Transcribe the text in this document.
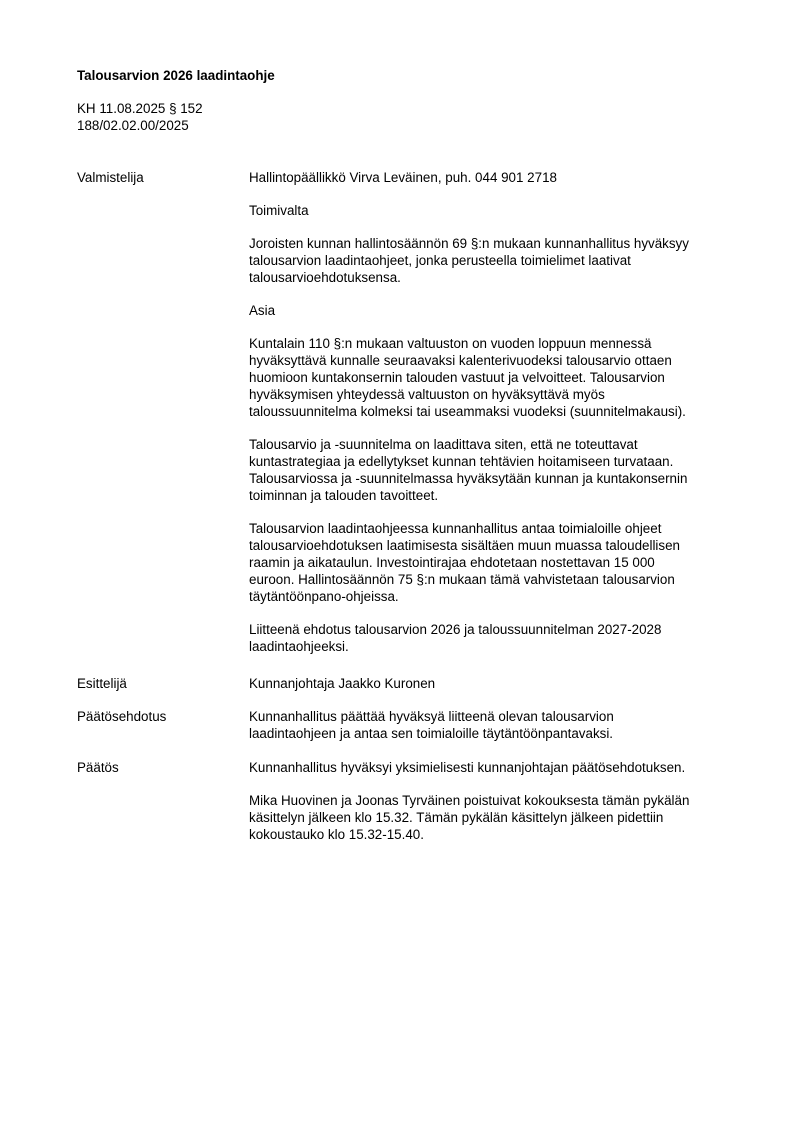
Talousarvion 2026 laadintaohje
KH 11.08.2025 § 152
188/02.02.00/2025
Valmistelija	Hallintopäällikkö Virva Leväinen, puh. 044 901 2718

Toimivalta

Joroisten kunnan hallintosäännön 69 §:n mukaan kunnanhallitus hyväksyy
talousarvion laadintaohjeet, jonka perusteella toimielimet laativat
talousarvioehdotuksensa.

Asia

Kuntalain 110 §:n mukaan valtuuston on vuoden loppuun mennessä
hyväksyttävä kunnalle seuraavaksi kalenterivuodeksi talousarvio ottaen
huomioon kuntakonsernin talouden vastuut ja velvoitteet. Talousarvion
hyväksymisen yhteydessä valtuuston on hyväksyttävä myös
taloussuunnitelma kolmeksi tai useammaksi vuodeksi (suunnitelmakausi).

Talousarvio ja -suunnitelma on laadittava siten, että ne toteuttavat
kuntastrategiaa ja edellytykset kunnan tehtävien hoitamiseen turvataan.
Talousarviossa ja -suunnitelmassa hyväksytään kunnan ja kuntakonsernin
toiminnan ja talouden tavoitteet.

Talousarvion laadintaohjeessa kunnanhallitus antaa toimialoille ohjeet
talousarvioehdotuksen laatimisesta sisältäen muun muassa taloudellisen
raamin ja aikataulun. Investointirajaa ehdotetaan nostettavan 15 000
euroon. Hallintosäännön 75 §:n mukaan tämä vahvistetaan talousarvion
täytäntöönpano-ohjeissa.

Liitteenä ehdotus talousarvion 2026 ja taloussuunnitelman 2027-2028
laadintaohjeeksi.

Esittelijä	Kunnanjohtaja Jaakko Kuronen
Päätösehdotus	Kunnanhallitus päättää hyväksyä liitteenä olevan talousarvion
laadintaohjeen ja antaa sen toimialoille täytäntöönpantavaksi.
Päätös	Kunnanhallitus hyväksyi yksimielisesti kunnanjohtajan päätösehdotuksen.

Mika Huovinen ja Joonas Tyrväinen poistuivat kokouksesta tämän pykälän
käsittelyn jälkeen klo 15.32. Tämän pykälän käsittelyn jälkeen pidettiin
kokoustauko klo 15.32-15.40.
